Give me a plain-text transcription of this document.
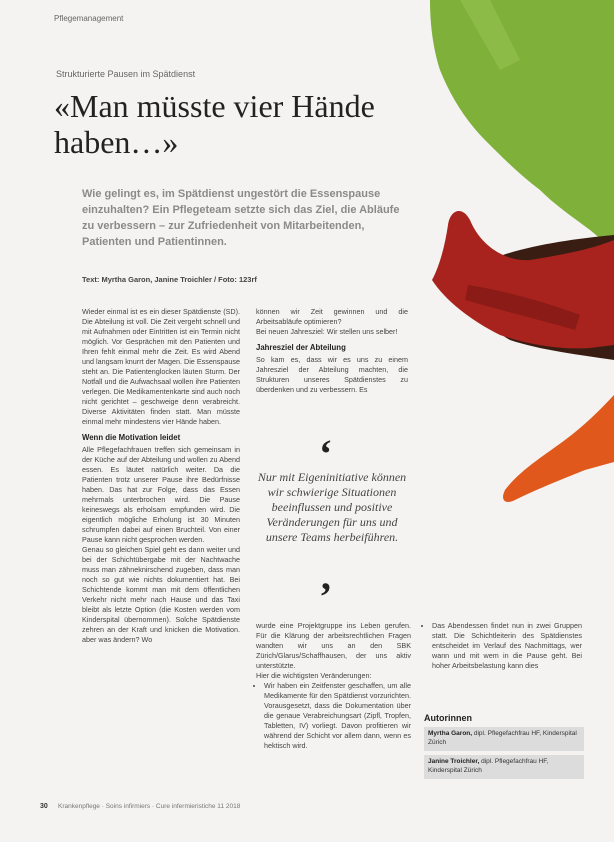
Pflegemanagement
Strukturierte Pausen im Spätdienst
«Man müsste vier Hände haben…»
Wie gelingt es, im Spätdienst ungestört die Essenspause einzuhalten? Ein Pflegeteam setzte sich das Ziel, die Abläufe zu verbessern – zur Zufriedenheit von Mitarbeitenden, Patienten und Patientinnen.
Text: Myrtha Garon, Janine Troichler / Foto: 123rf

Wieder einmal ist es ein dieser Spätdienste (SD). Die Abteilung ist voll. Die Zeit vergeht schnell und mit Aufnahmen oder Eintritten ist ein Termin nicht möglich. Vor Gesprächen mit den Patienten und Ihren fehlt einmal mehr die Zeit. Es wird Abend und langsam knurrt der Magen. Die Essenspause steht an. Die Patientenglocken läuten Sturm. Der Notfall und die Aufwachsaal wollen ihre Patienten verlegen. Die Medikamentenkarte sind auch noch nicht gerichtet – geschweige denn verabreicht. Diverse Aktivitäten finden statt. Man müsste einmal mehr mindestens vier Hände haben.

Wenn die Motivation leidet

Alle Pflegefachfrauen treffen sich gemeinsam in der Küche auf der Abteilung und wollen zu Abend essen. Es läutet natürlich weiter. Da die Patienten trotz unserer Pause ihre Bedürfnisse haben. Das hat zur Folge, dass das Essen mehrmals unterbrochen wird. Die Pause keineswegs als erholsam empfunden wird. Die eigentlich mögliche Erholung ist 30 Minuten schrumpfen dabei auf einen Bruchteil. Von einer Pause kann nicht gesprochen werden.

Genau so gleichen Spiel geht es dann weiter und bei der Schichtübergabe mit der Nachtwache muss man zähneknirschend zugeben, dass man noch so gut wie nichts dokumentiert hat. Bei Schichtende kommt man mit dem öffentlichen Verkehr nicht mehr nach Hause und das Taxi bleibt als letzte Option (die Kosten werden vom Kinderspital übernommen). Solche Spätdienste zehren an der Kraft und knicken die Motivation. aber was ändern? Wo

können wir Zeit gewinnen und die Arbeitsabläufe optimieren?

Bei neuen Jahresziel: Wir stellen uns selber!

Jahresziel der Abteilung

So kam es, dass wir es uns zu einem Jahresziel der Abteilung machten, die Strukturen unseres Spätdienstes zu überdenken und zu verbessern. Es

‘
Nur mit Eigeninitiative können wir schwierige Situationen beeinflussen und positive Veränderungen für uns und unsere Teams herbeiführen.
’

wurde eine Projektgruppe ins Leben gerufen. Für die Klärung der arbeitsrechtlichen Fragen wandten wir uns an den SBK Zürich/Glarus/Schaffhausen, der uns aktiv unterstützte.

Hier die wichtigsten Veränderungen:

• Wir haben ein Zeitfenster geschaffen, um alle Medikamente für den Spätdienst vorzurichten. Vorausgesetzt, dass die Dokumentation über die genaue Verabreichungsart (Zipfl, Tropfen, Tabletten, IV) vorliegt. Davon profitieren wir während der Schicht vor allem dann, wenn es hektisch wird.
• Das Abendessen findet nun in zwei Gruppen statt. Die Schichtleiterin des Spätdienstes entscheidet im Verlauf des Nachmittags, wer wann und mit wem in die Pause geht. Bei hoher Arbeitsbelastung kann dies
Autorinnen
Myrtha Garon, dipl. Pflegefachfrau HF, Kinderspital Zürich
Janine Troichler, dipl. Pflegefachfrau HF, Kinderspital Zürich
30 Krankenpflege · Soins infirmiers · Cure infermieristiche 11 2018
